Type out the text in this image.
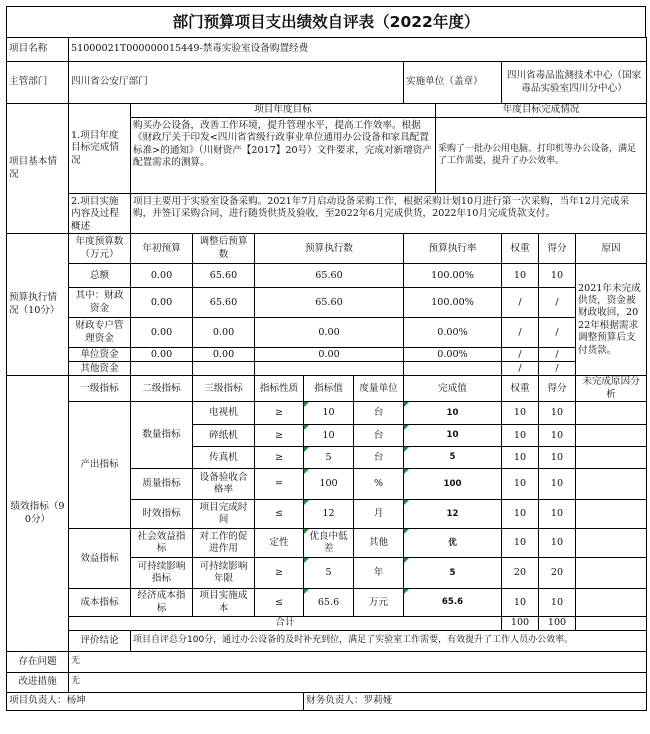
部门预算项目支出绩效自评表（2022年度）
项目名称	51000021T000000015449-禁毒实验室设备购置经费										
主管部门	四川省公安厅部门						实施单位（盖章）		四川省毒品监测技术中心（国家毒品实验室四川分中心）		
项目基本情况	1.项目年度目标完成情况	项目年度目标						年度目标完成情况			
		购买办公设备，改善工作环境，提升管理水平，提高工作效率。根据《财政厅关于印发<四川省省级行政事业单位通用办公设备和家具配置标准>的通知》（川财资产【2017】20号）文件要求，完成对新增资产配置需求的测算。						采购了一批办公用电脑、打印机等办公设备，满足了工作需要，提升了办公效率。			
	2.项目实施内容及过程概述	项目主要用于实验室设备采购。2021年7月启动设备采购工作，根据采购计划10月进行第一次采购，当年12月完成采购，并签订采购合同，进行随货供货及验收，至2022年6月完成供货，2022年10月完成货款支付。									
预算执行情况（10分）	年度预算数（万元）	年初预算	调整后预算数	预算执行数			预算执行率		权重	得分	原因
	总额	0.00	65.60	65.60			100.00%		10	10	2021年未完成供货，资金被财政收回，2022年根据需求调整预算后支付货款。
	其中：财政资金	0.00	65.60	65.60			100.00%		/	/	
	财政专户管理资金	0.00	0.00	0.00			0.00%		/	/	
	单位资金	0.00	0.00	0.00			0.00%		/	/	
	其他资金								/	/	
绩效指标（90分）	一级指标	二级指标	三级指标	指标性质	指标值	度量单位	完成值		权重	得分	未完成原因分析
	产出指标	数量指标	电视机	≥	10	台	10		10	10	
			碎纸机	≥	10	台	10		10	10	
			传真机	≥	5	台	5		10	10	
		质量指标	设备验收合格率	=	100	%	100		10	10	
		时效指标	项目完成时间	≤	12	月	12		10	10	
	效益指标	社会效益指标	对工作的促进作用	定性	优良中低差	其他	优		10	10	
		可持续影响指标	可持续影响年限	≥	5	年	5		20	20	
	成本指标	经济成本指标	项目实施成本	≤	65.6	万元	65.6		10	10	
	合计								100	100	
	评价结论	项目自评总分100分，通过办公设备的及时补充到位，满足了实验室工作需要，有效提升了工作人员办公效率。									
存在问题	无										
改进措施	无										
项目负责人：杨坤					财务负责人：罗莉娅						
